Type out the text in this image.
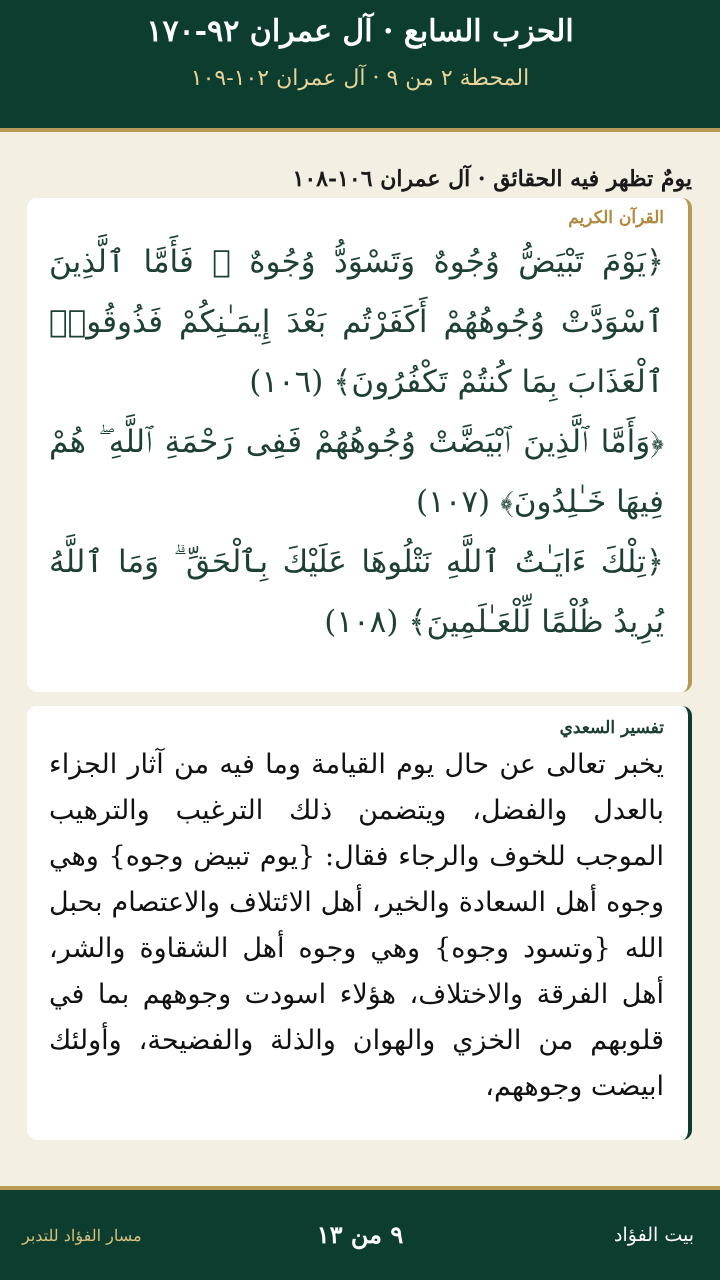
الحزب السابع · آل عمران ٩٢-١٧٠
المحطة ٢ من ٩ · آل عمران ١٠٢-١٠٩
يومٌ تظهر فيه الحقائق · آل عمران ١٠٦-١٠٨
القرآن الكريم
﴿يَوْمَ تَبْيَضُّ وُجُوهٌ وَتَسْوَدُّ وُجُوهٌ ۚ فَأَمَّا ٱلَّذِينَ ٱسْوَدَّتْ وُجُوهُهُمْ أَكَفَرْتُم بَعْدَ إِيمَـٰنِكُمْ فَذُوقُوا۟ ٱلْعَذَابَ بِمَا كُنتُمْ تَكْفُرُونَ﴾ (١٠٦)
﴿وَأَمَّا ٱلَّذِينَ ٱبْيَضَّتْ وُجُوهُهُمْ فَفِى رَحْمَةِ ٱللَّهِ ۖ هُمْ فِيهَا خَـٰلِدُونَ﴾ (١٠٧)
﴿تِلْكَ ءَايَـٰتُ ٱللَّهِ نَتْلُوهَا عَلَيْكَ بِٱلْحَقِّ ۗ وَمَا ٱللَّهُ يُرِيدُ ظُلْمًا لِّلْعَـٰلَمِينَ﴾ (١٠٨)
تفسير السعدي
يخبر تعالى عن حال يوم القيامة وما فيه من آثار الجزاء بالعدل والفضل، ويتضمن ذلك الترغيب والترهيب الموجب للخوف والرجاء فقال: {يوم تبيض وجوه} وهي وجوه أهل السعادة والخير، أهل الائتلاف والاعتصام بحبل الله {وتسود وجوه} وهي وجوه أهل الشقاوة والشر، أهل الفرقة والاختلاف، هؤلاء اسودت وجوههم بما في قلوبهم من الخزي والهوان والذلة والفضيحة، وأولئك ابيضت وجوههم،
بيت الفؤاد
٩ من ١٣
مسار الفؤاد للتدبر
